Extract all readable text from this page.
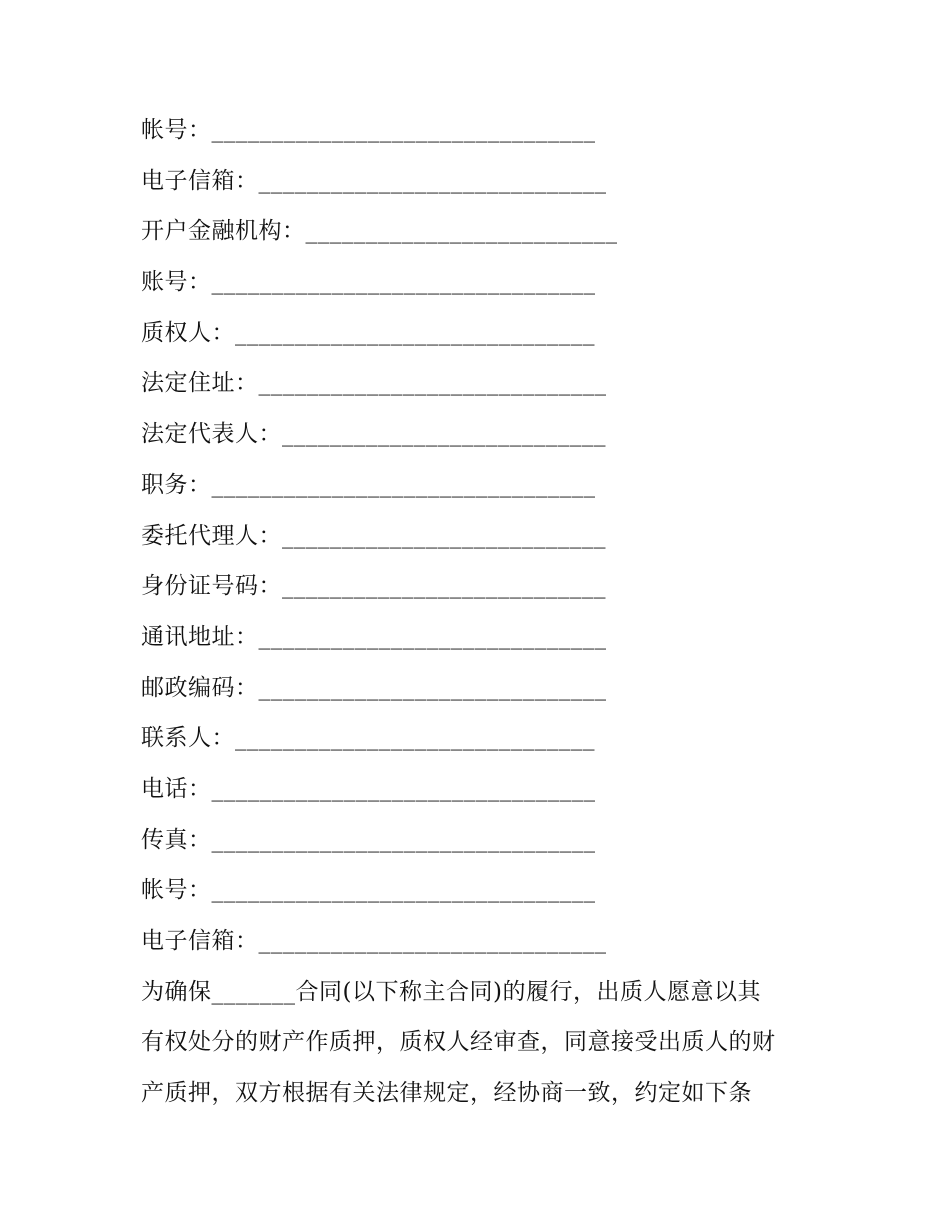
帐号：________________________________
电子信箱：_____________________________
开户金融机构：__________________________
账号：________________________________
质权人：______________________________
法定住址：_____________________________
法定代表人：___________________________
职务：________________________________
委托代理人：___________________________
身份证号码：___________________________
通讯地址：_____________________________
邮政编码：_____________________________
联系人：______________________________
电话：________________________________
传真：________________________________
帐号：________________________________
电子信箱：_____________________________
为确保_______合同(以下称主合同)的履行，出质人愿意以其
有权处分的财产作质押，质权人经审查，同意接受出质人的财
产质押，双方根据有关法律规定，经协商一致，约定如下条
